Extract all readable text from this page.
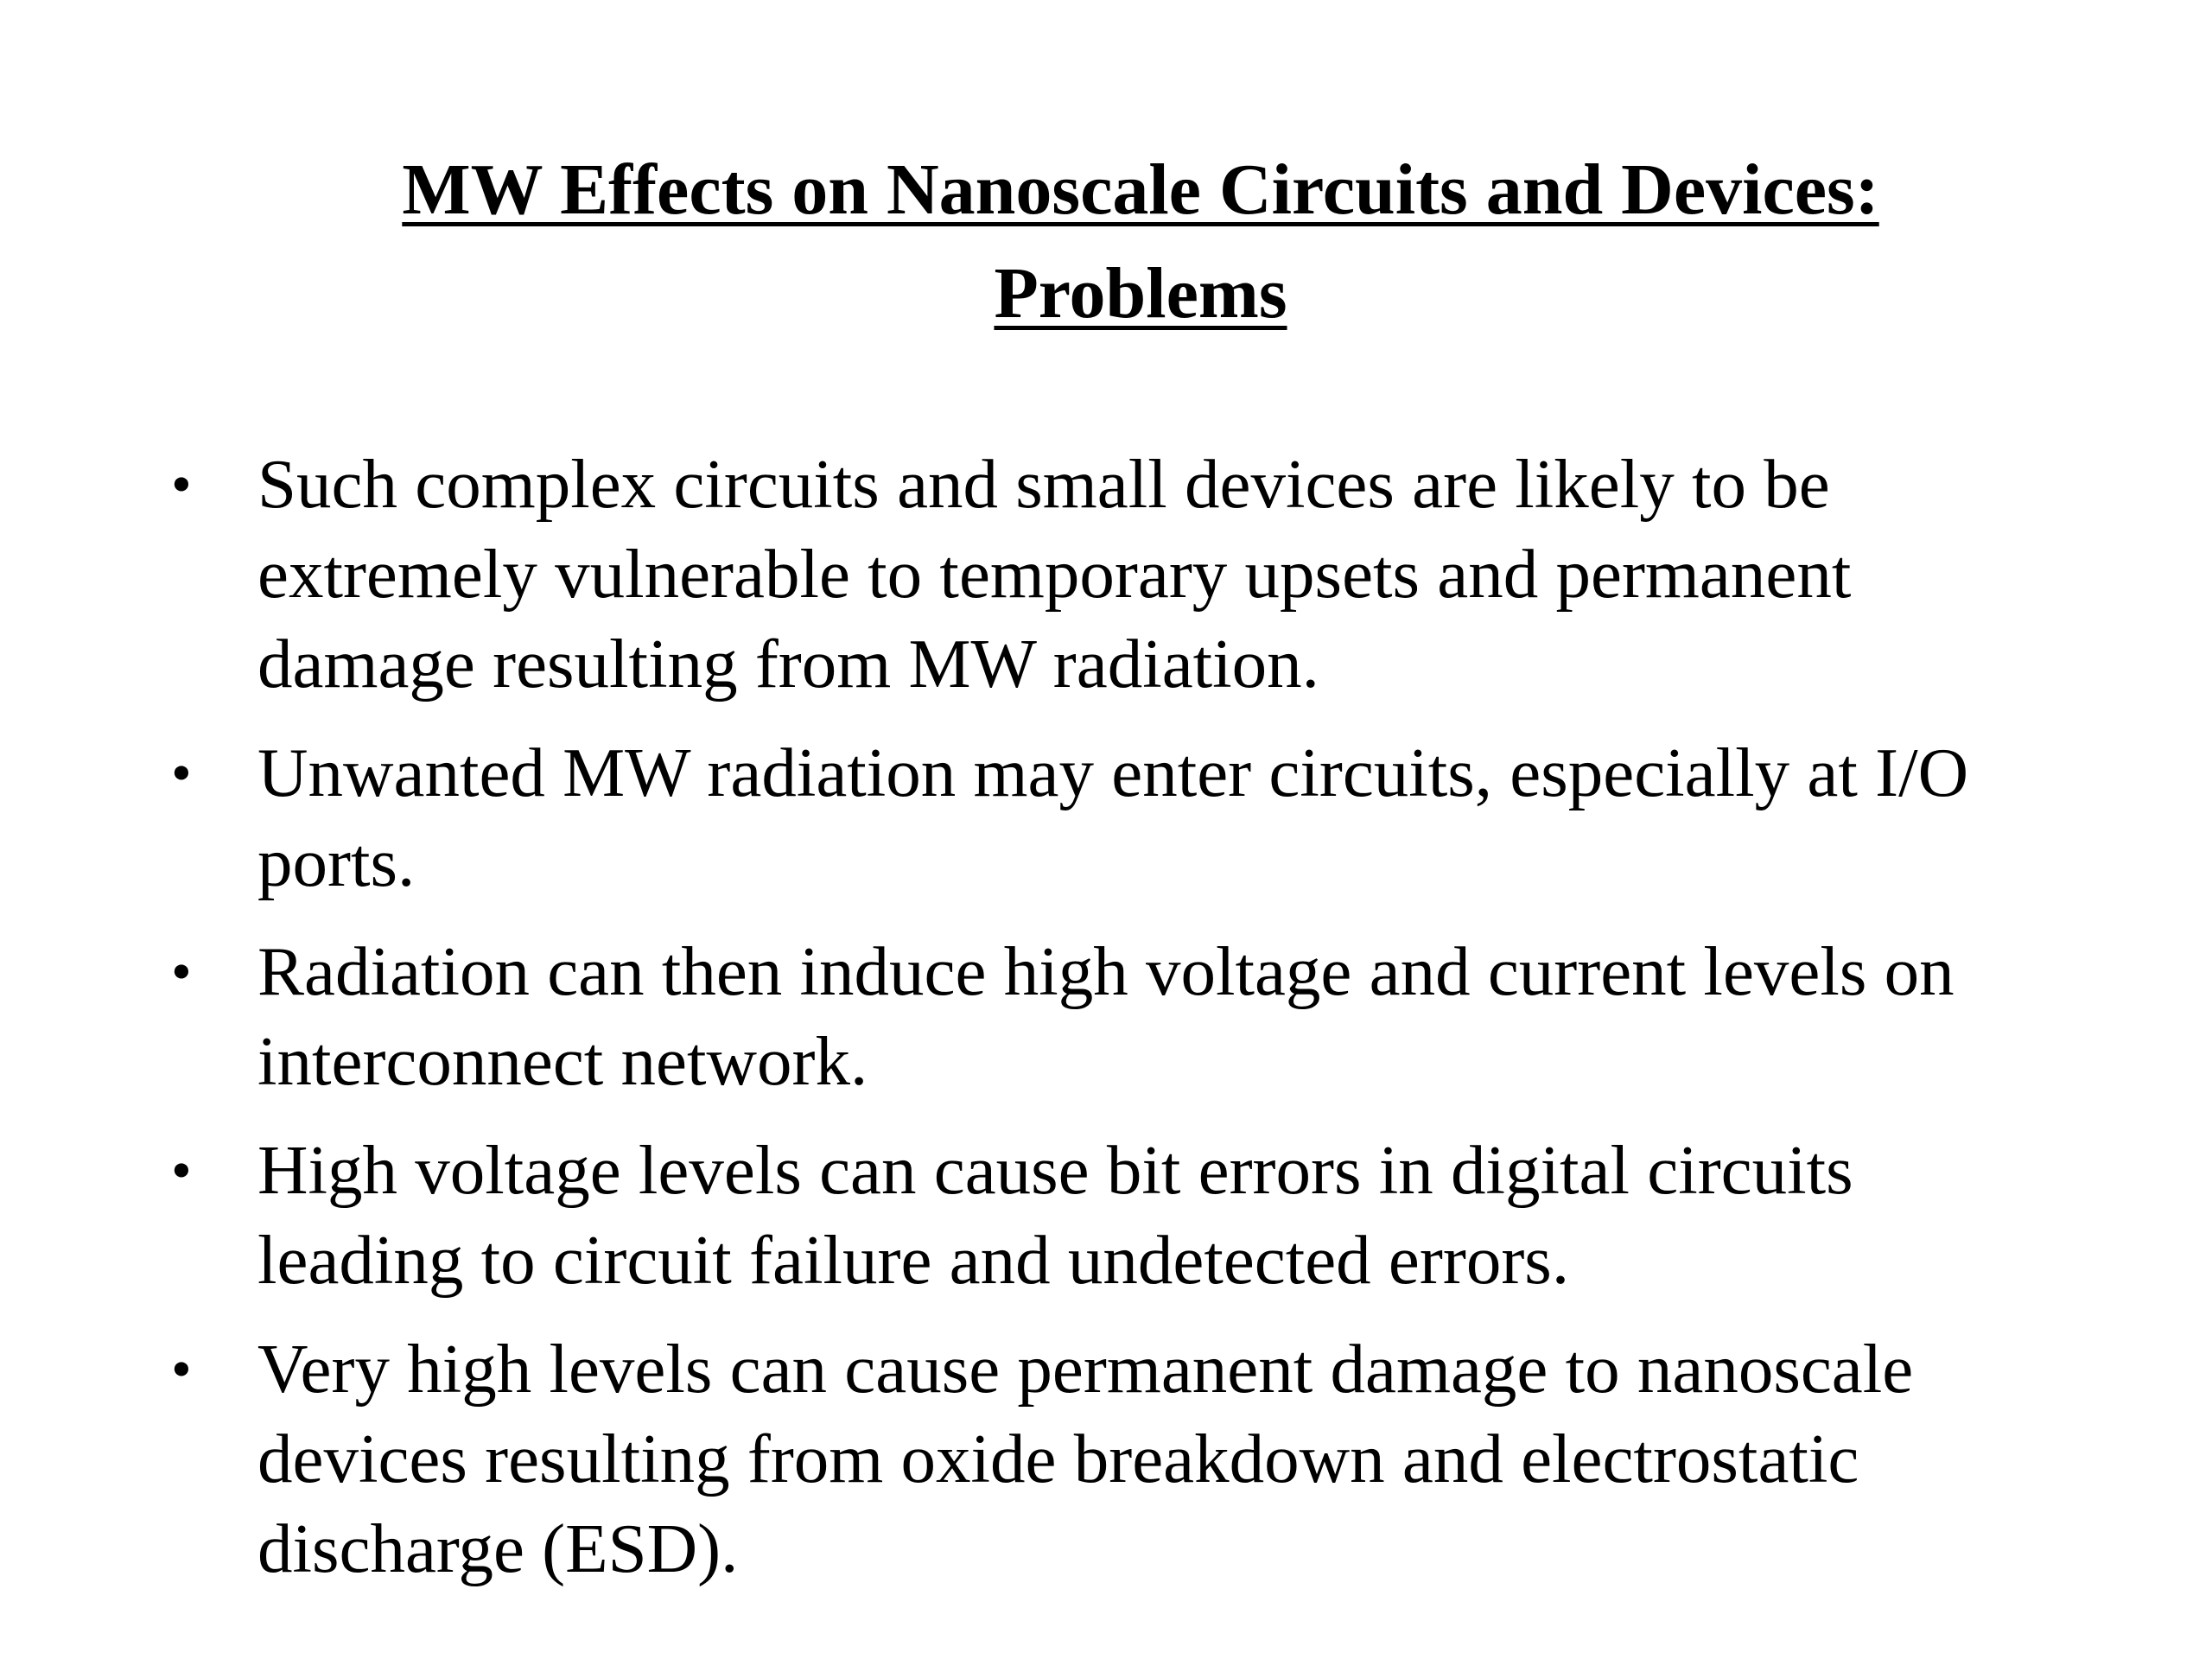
MW Effects on Nanoscale Circuits and Devices:
Problems
• Such complex circuits and small devices are likely to be extremely vulnerable to temporary upsets and permanent damage resulting from MW radiation.
• Unwanted MW radiation may enter circuits, especially at I/O ports.
• Radiation can then induce high voltage and current levels on interconnect network.
• High voltage levels can cause bit errors in digital circuits leading to circuit failure and undetected errors.
• Very high levels can cause permanent damage to nanoscale devices resulting from oxide breakdown and electrostatic discharge (ESD).
